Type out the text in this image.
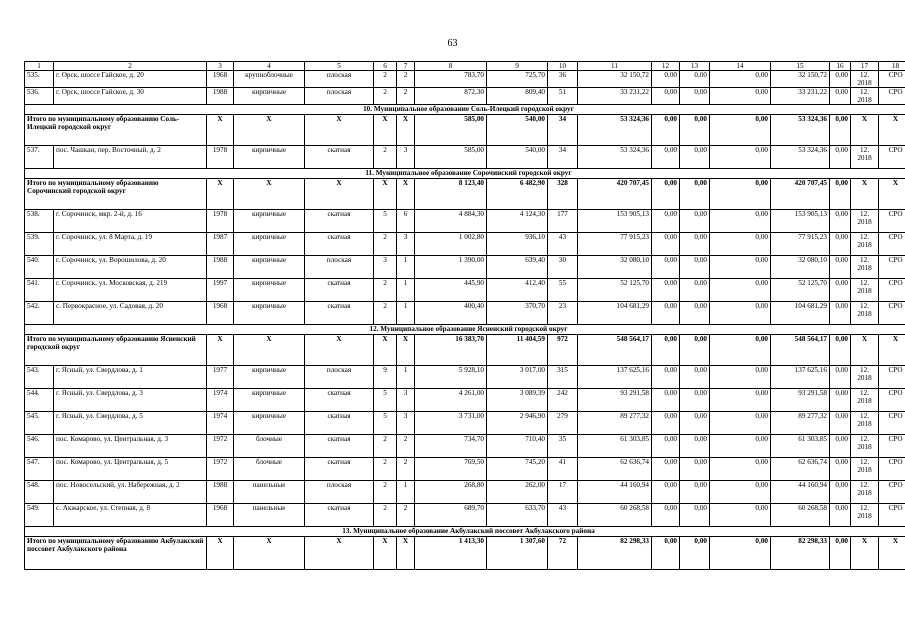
63
1	2	3	4	5	6	7	8	9	10	11	12	13	14	15	16	17	18
535.	г. Орск, шоссе Гайское, д. 20	1968	крупноблочные	плоская	2	2	783,70	725,70	36	32 150,72	0,00	0,00	0,00	32 150,72	0,00	12. 2018	СРО
536.	г. Орск, шоссе Гайское, д. 30	1988	кирпичные	плоская	2	2	872,30	809,40	51	33 231,22	0,00	0,00	0,00	33 231,22	0,00	12. 2018	СРО
10. Муниципальное образование Соль-Илецкий городской округ																	
Итого по муниципальному образованию Соль-Илецкий городской округ		X	X	X	X	X	585,00	540,00	34	53 324,36	0,00	0,00	0,00	53 324,36	0,00	X	X
537.	пос. Чашкан, пер. Восточный, д. 2	1978	кирпичные	скатная	2	3	585,00	540,00	34	53 324,36	0,00	0,00	0,00	53 324,36	0,00	12. 2018	СРО
11. Муниципальное образование Сорочинский городской округ																	
Итого по муниципальному образованию Сорочинский городской округ		X	X	X	X	X	8 123,40	6 482,90	328	420 707,45	0,00	0,00	0,00	420 707,45	0,00	X	X
538.	г. Сорочинск, мкр. 2-й, д. 16	1978	кирпичные	скатная	5	6	4 884,30	4 124,30	177	153 905,13	0,00	0,00	0,00	153 905,13	0,00	12. 2018	СРО
539.	г. Сорочинск, ул. 8 Марта, д. 19	1987	кирпичные	скатная	2	3	1 002,80	936,10	43	77 915,23	0,00	0,00	0,00	77 915,23	0,00	12. 2018	СРО
540.	г. Сорочинск, ул. Ворошилова, д. 20	1988	кирпичные	плоская	3	1	1 390,00	639,40	30	32 080,10	0,00	0,00	0,00	32 080,10	0,00	12. 2018	СРО
541.	г. Сорочинск, ул. Московская, д. 219	1997	кирпичные	скатная	2	1	445,90	412,40	55	52 125,70	0,00	0,00	0,00	52 125,70	0,00	12. 2018	СРО
542.	с. Первокрасное, ул. Садовая, д. 20	1968	кирпичные	скатная	2	1	400,40	370,70	23	104 681,29	0,00	0,00	0,00	104 681,29	0,00	12. 2018	СРО
12. Муниципальное образование Ясненский городской округ																	
Итого по муниципальному образованию Ясненский городской округ		X	X	X	X	X	16 383,70	11 404,59	972	548 564,17	0,00	0,00	0,00	548 564,17	0,00	X	X
543.	г. Ясный, ул. Свердлова, д. 1	1977	кирпичные	плоская	9	1	5 928,10	3 017,00	315	137 625,16	0,00	0,00	0,00	137 625,16	0,00	12. 2018	СРО
544.	г. Ясный, ул. Свердлова, д. 3	1974	кирпичные	скатная	5	3	4 261,00	3 089,39	242	93 291,58	0,00	0,00	0,00	93 291,58	0,00	12. 2018	СРО
545.	г. Ясный, ул. Свердлова, д. 5	1974	кирпичные	скатная	5	3	3 731,00	2 946,90	279	89 277,32	0,00	0,00	0,00	89 277,32	0,00	12. 2018	СРО
546.	пос. Комарово, ул. Центральная, д. 3	1972	блочные	скатная	2	2	734,70	710,40	35	61 303,85	0,00	0,00	0,00	61 303,85	0,00	12. 2018	СРО
547.	пос. Комарово, ул. Центральная, д. 5	1972	блочные	скатная	2	2	769,50	745,20	41	62 636,74	0,00	0,00	0,00	62 636,74	0,00	12. 2018	СРО
548.	пос. Новосельский, ул. Набережная, д. 2	1988	панельные	плоская	2	1	268,80	262,00	17	44 160,94	0,00	0,00	0,00	44 160,94	0,00	12. 2018	СРО
549.	с. Акжарское, ул. Степная, д. 8	1968	панельные	скатная	2	2	689,70	633,70	43	60 268,58	0,00	0,00	0,00	60 268,58	0,00	12. 2018	СРО
13. Муниципальное образование Акбулакский поссовет Акбулакского района																	
Итого по муниципальному образованию Акбулакский поссовет Акбулакского района		X	X	X	X	X	1 413,30	1 307,60	72	82 298,33	0,00	0,00	0,00	82 298,33	0,00	X	X
